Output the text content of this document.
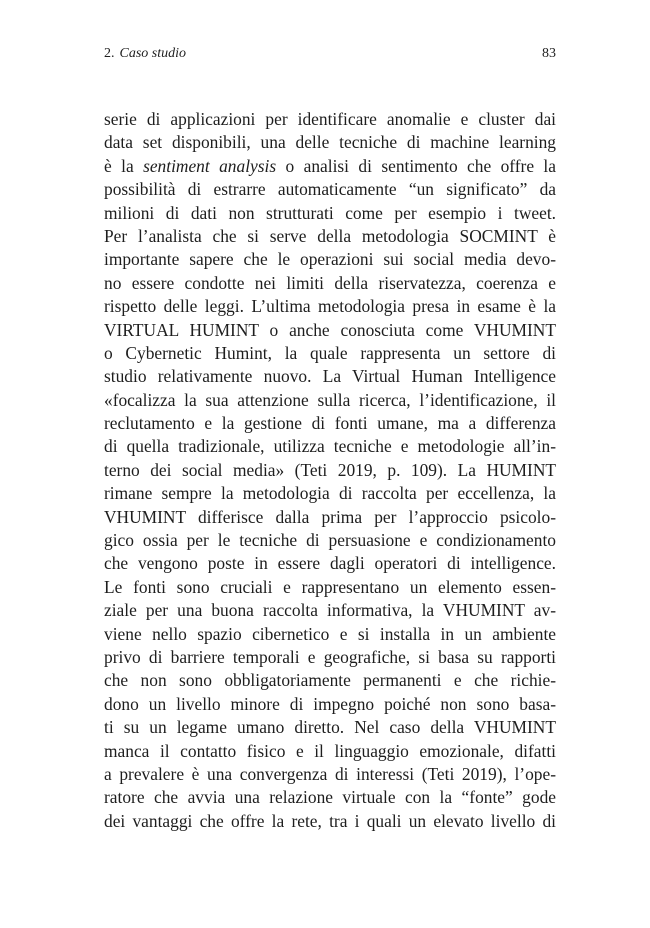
2. Caso studio	83
serie di applicazioni per identificare anomalie e cluster dai
data set disponibili, una delle tecniche di machine learning
è la sentiment analysis o analisi di sentimento che offre la
possibilità di estrarre automaticamente “un significato” da
milioni di dati non strutturati come per esempio i tweet.
Per l’analista che si serve della metodologia SOCMINT è
importante sapere che le operazioni sui social media devo-
no essere condotte nei limiti della riservatezza, coerenza e
rispetto delle leggi. L’ultima metodologia presa in esame è la
VIRTUAL HUMINT o anche conosciuta come VHUMINT
o Cybernetic Humint, la quale rappresenta un settore di
studio relativamente nuovo. La Virtual Human Intelligence
«focalizza la sua attenzione sulla ricerca, l’identificazione, il
reclutamento e la gestione di fonti umane, ma a differenza
di quella tradizionale, utilizza tecniche e metodologie all’in-
terno dei social media» (Teti 2019, p. 109). La HUMINT
rimane sempre la metodologia di raccolta per eccellenza, la
VHUMINT differisce dalla prima per l’approccio psicolo-
gico ossia per le tecniche di persuasione e condizionamento
che vengono poste in essere dagli operatori di intelligence.
Le fonti sono cruciali e rappresentano un elemento essen-
ziale per una buona raccolta informativa, la VHUMINT av-
viene nello spazio cibernetico e si installa in un ambiente
privo di barriere temporali e geografiche, si basa su rapporti
che non sono obbligatoriamente permanenti e che richie-
dono un livello minore di impegno poiché non sono basa-
ti su un legame umano diretto. Nel caso della VHUMINT
manca il contatto fisico e il linguaggio emozionale, difatti
a prevalere è una convergenza di interessi (Teti 2019), l’ope-
ratore che avvia una relazione virtuale con la “fonte” gode
dei vantaggi che offre la rete, tra i quali un elevato livello di
